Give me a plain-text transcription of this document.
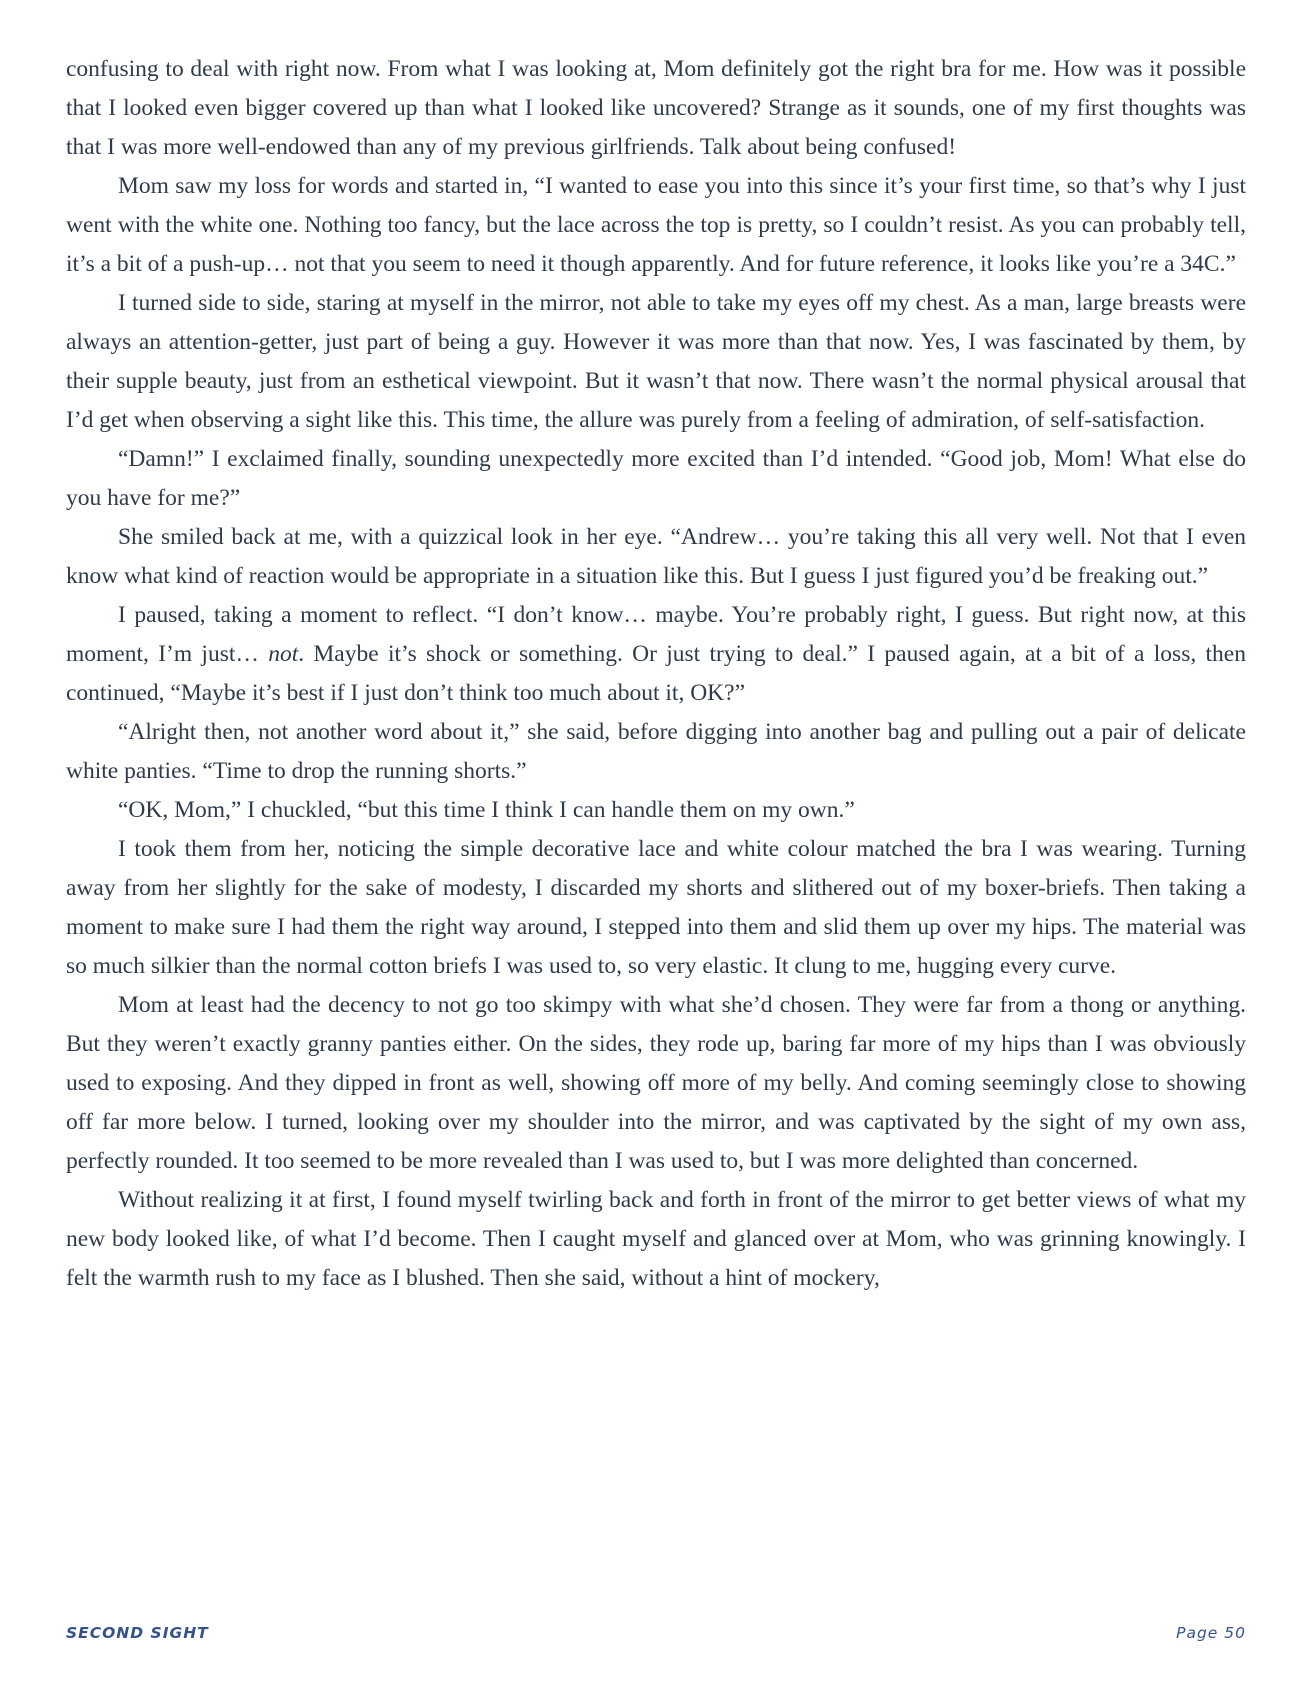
confusing to deal with right now. From what I was looking at, Mom definitely got the right bra for me. How was it possible that I looked even bigger covered up than what I looked like uncovered? Strange as it sounds, one of my first thoughts was that I was more well-endowed than any of my previous girlfriends. Talk about being confused!

Mom saw my loss for words and started in, “I wanted to ease you into this since it’s your first time, so that’s why I just went with the white one. Nothing too fancy, but the lace across the top is pretty, so I couldn’t resist. As you can probably tell, it’s a bit of a push-up… not that you seem to need it though apparently. And for future reference, it looks like you’re a 34C.”

I turned side to side, staring at myself in the mirror, not able to take my eyes off my chest. As a man, large breasts were always an attention-getter, just part of being a guy. However it was more than that now. Yes, I was fascinated by them, by their supple beauty, just from an esthetical viewpoint. But it wasn’t that now. There wasn’t the normal physical arousal that I’d get when observing a sight like this. This time, the allure was purely from a feeling of admiration, of self-satisfaction.

“Damn!” I exclaimed finally, sounding unexpectedly more excited than I’d intended. “Good job, Mom! What else do you have for me?”

She smiled back at me, with a quizzical look in her eye. “Andrew… you’re taking this all very well. Not that I even know what kind of reaction would be appropriate in a situation like this. But I guess I just figured you’d be freaking out.”

I paused, taking a moment to reflect. “I don’t know… maybe. You’re probably right, I guess. But right now, at this moment, I’m just… not. Maybe it’s shock or something. Or just trying to deal.” I paused again, at a bit of a loss, then continued, “Maybe it’s best if I just don’t think too much about it, OK?”

“Alright then, not another word about it,” she said, before digging into another bag and pulling out a pair of delicate white panties. “Time to drop the running shorts.”

“OK, Mom,” I chuckled, “but this time I think I can handle them on my own.”

I took them from her, noticing the simple decorative lace and white colour matched the bra I was wearing. Turning away from her slightly for the sake of modesty, I discarded my shorts and slithered out of my boxer-briefs. Then taking a moment to make sure I had them the right way around, I stepped into them and slid them up over my hips. The material was so much silkier than the normal cotton briefs I was used to, so very elastic. It clung to me, hugging every curve.

Mom at least had the decency to not go too skimpy with what she’d chosen. They were far from a thong or anything. But they weren’t exactly granny panties either. On the sides, they rode up, baring far more of my hips than I was obviously used to exposing. And they dipped in front as well, showing off more of my belly. And coming seemingly close to showing off far more below. I turned, looking over my shoulder into the mirror, and was captivated by the sight of my own ass, perfectly rounded. It too seemed to be more revealed than I was used to, but I was more delighted than concerned.

Without realizing it at first, I found myself twirling back and forth in front of the mirror to get better views of what my new body looked like, of what I’d become. Then I caught myself and glanced over at Mom, who was grinning knowingly. I felt the warmth rush to my face as I blushed. Then she said, without a hint of mockery,

SECOND SIGHT	Page 50
